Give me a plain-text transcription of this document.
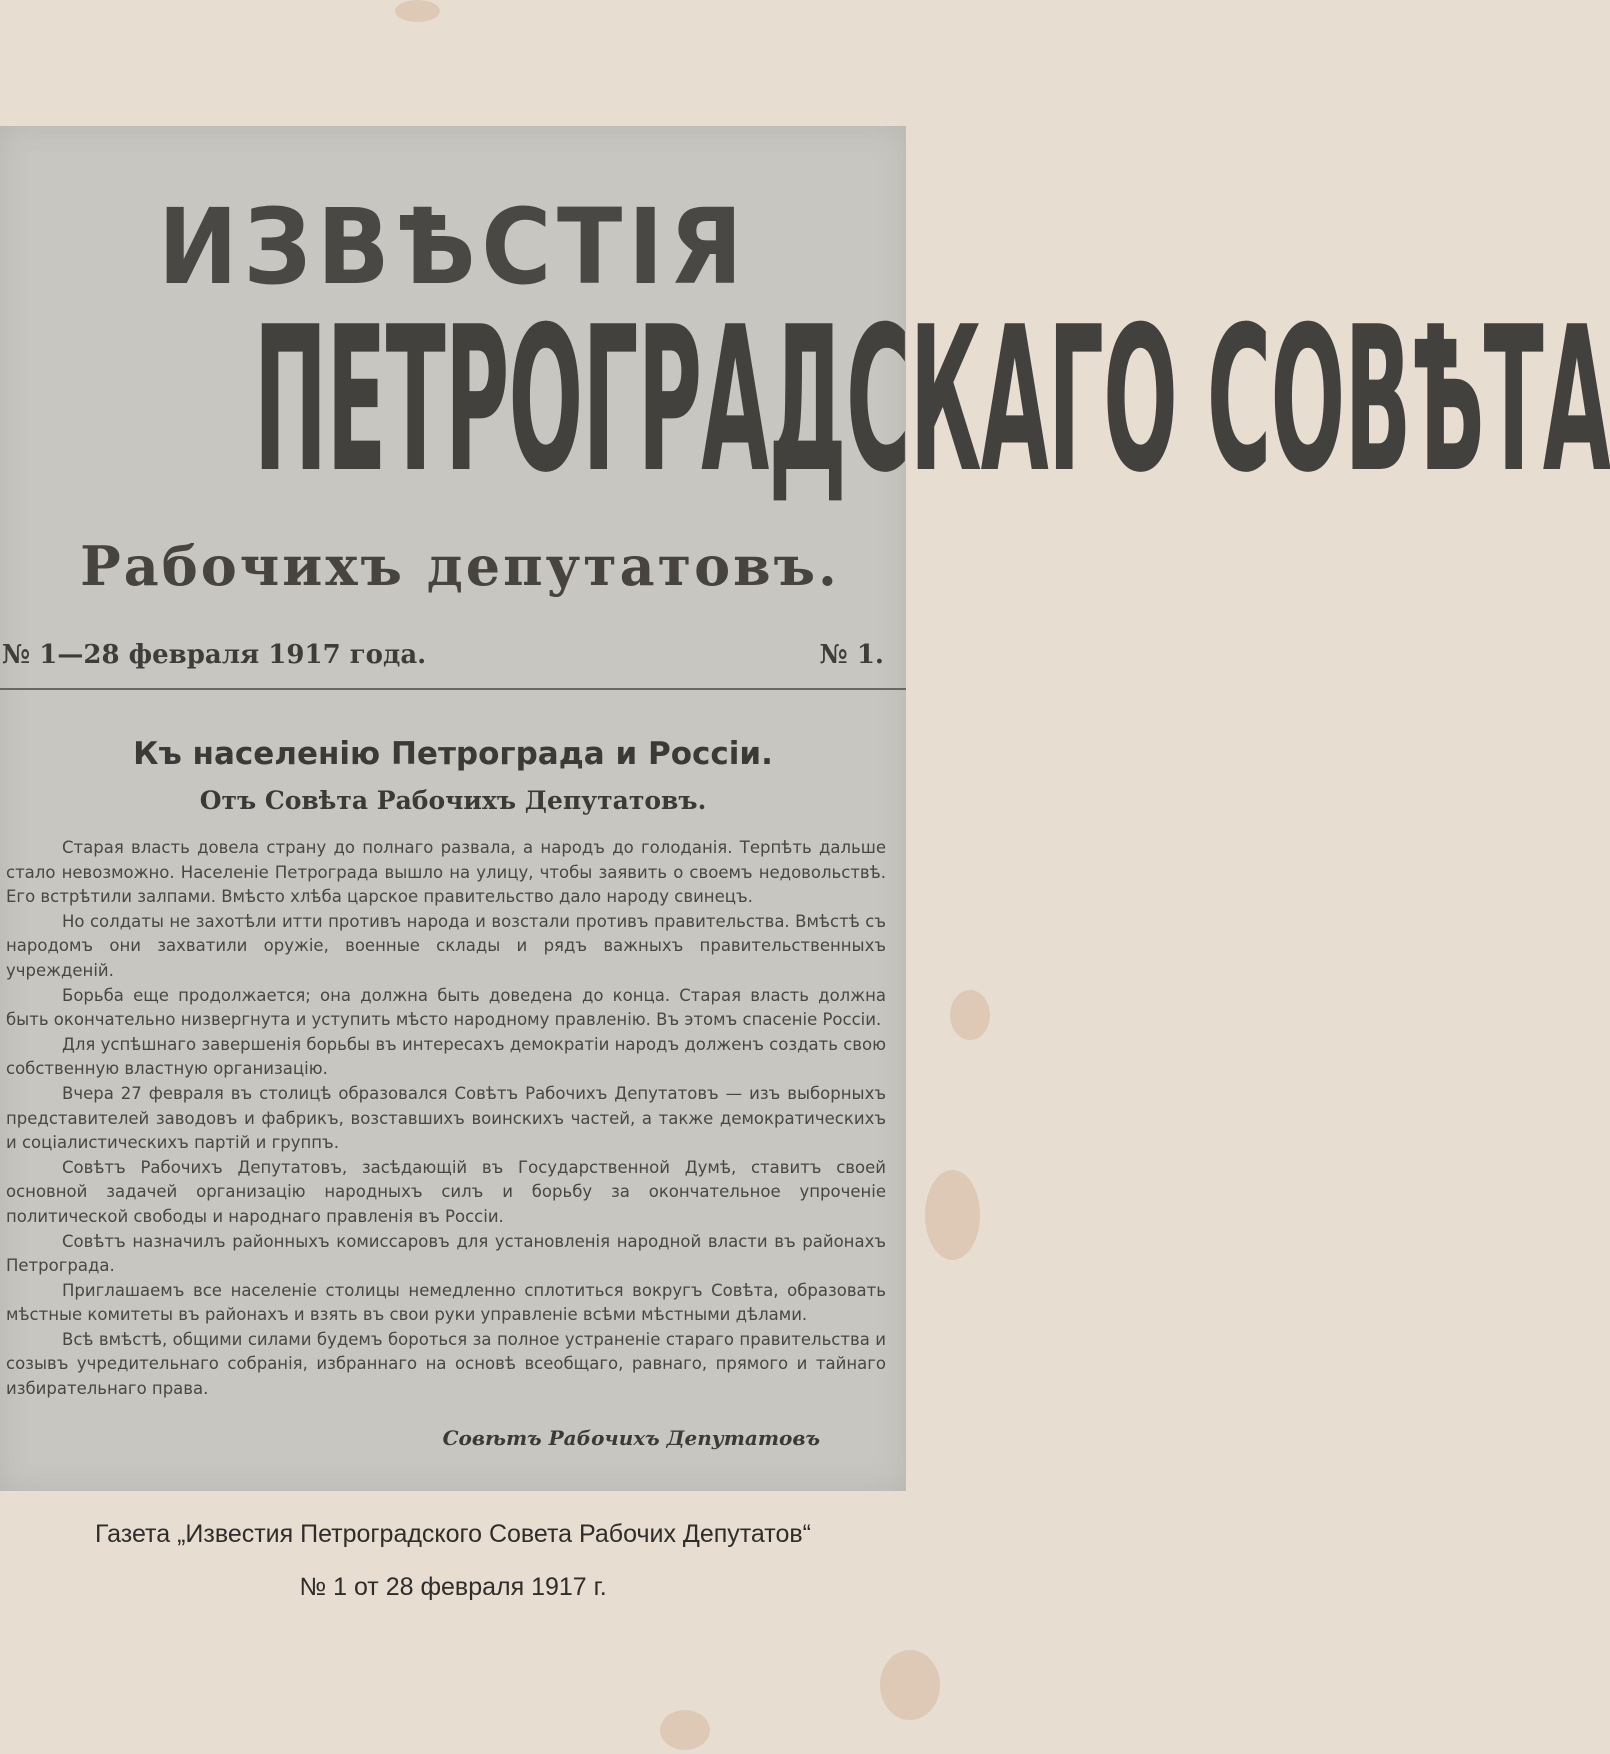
ИЗВѢСТІЯ
ПЕТРОГРАДСКАГО СОВѢТА
Рабочихъ депутатовъ.
№ 1—28 февраля 1917 года.	№ 1.
Къ населенію Петрограда и Россіи.
Отъ Совѣта Рабочихъ Депутатовъ.

Старая власть довела страну до полнаго развала, а народъ до голоданія. Терпѣть дальше стало невозможно. Населеніе Петрограда вышло на улицу, чтобы заявить о своемъ недовольствѣ. Его встрѣтили залпами. Вмѣсто хлѣба царское правительство дало народу свинецъ.

Но солдаты не захотѣли итти противъ народа и возстали противъ правительства. Вмѣстѣ съ народомъ они захватили оружіе, военные склады и рядъ важныхъ правительственныхъ учрежденій.

Борьба еще продолжается; она должна быть доведена до конца. Старая власть должна быть окончательно низвергнута и уступить мѣсто народному правленію. Въ этомъ спасеніе Россіи.

Для успѣшнаго завершенія борьбы въ интересахъ демократіи народъ долженъ создать свою собственную властную организацію.

Вчера 27 февраля въ столицѣ образовался Совѣтъ Рабочихъ Депутатовъ — изъ выборныхъ представителей заводовъ и фабрикъ, возставшихъ воинскихъ частей, а также демократическихъ и соціалистическихъ партій и группъ.

Совѣтъ Рабочихъ Депутатовъ, засѣдающій въ Государственной Думѣ, ставитъ своей основной задачей организацію народныхъ силъ и борьбу за окончательное упроченіе политической свободы и народнаго правленія въ Россіи.

Совѣтъ назначилъ районныхъ комиссаровъ для установленія народной власти въ районахъ Петрограда.

Приглашаемъ все населеніе столицы немедленно сплотиться вокругъ Совѣта, образовать мѣстные комитеты въ районахъ и взять въ свои руки управленіе всѣми мѣстными дѣлами.

Всѣ вмѣстѣ, общими силами будемъ бороться за полное устраненіе стараго правительства и созывъ учредительнаго собранія, избраннаго на основѣ всеобщаго, равнаго, прямого и тайнаго избирательнаго права.

Совѣтъ Рабочихъ Депутатовъ
Газета „Известия Петроградского Совета Рабочих Депутатов“
№ 1 от 28 февраля 1917 г.
